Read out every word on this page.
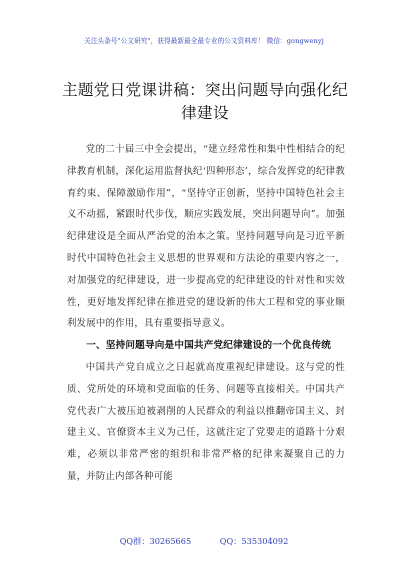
关注头条号"公文研究"，获得最新最全最专业的公文资料库！ 微信：gongwenyj
主题党日党课讲稿：突出问题导向强化纪律建设

党的二十届三中全会提出，“建立经常性和集中性相结合的纪律教育机制，深化运用监督执纪‘四种形态’，综合发挥党的纪律教育约束、保障激励作用”，“坚持守正创新，坚持中国特色社会主义不动摇，紧跟时代步伐，顺应实践发展，突出问题导向”。加强纪律建设是全面从严治党的治本之策。坚持问题导向是习近平新时代中国特色社会主义思想的世界观和方法论的重要内容之一，对加强党的纪律建设，进一步提高党的纪律建设的针对性和实效性，更好地发挥纪律在推进党的建设新的伟大工程和党的事业顺利发展中的作用，具有重要指导意义。

一、坚持问题导向是中国共产党纪律建设的一个优良传统

中国共产党自成立之日起就高度重视纪律建设。这与党的性质、党所处的环境和党面临的任务、问题等直接相关。中国共产党代表广大被压迫被剥削的人民群众的利益以推翻帝国主义、封建主义、官僚资本主义为己任，这就注定了党要走的道路十分艰难，必须以非常严密的组织和非常严格的纪律来凝聚自己的力量，并防止内部各种可能

QQ群：30265665	QQ：535304092
